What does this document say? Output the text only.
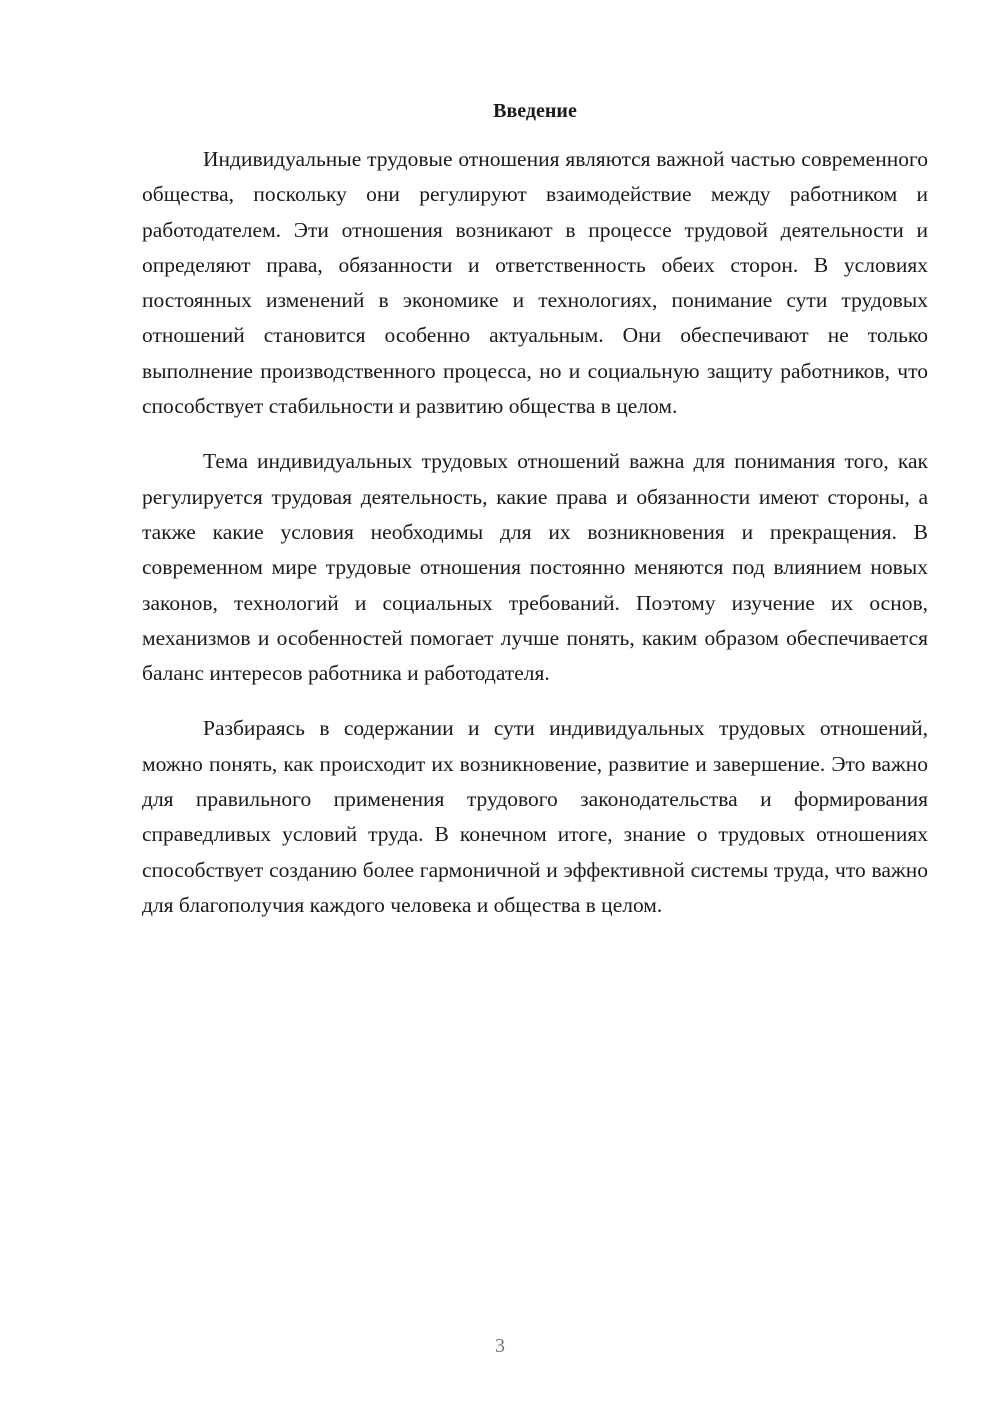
Введение

Индивидуальные трудовые отношения являются важной частью современного общества, поскольку они регулируют взаимодействие между работником и работодателем. Эти отношения возникают в процессе трудовой деятельности и определяют права, обязанности и ответственность обеих сторон. В условиях постоянных изменений в экономике и технологиях, понимание сути трудовых отношений становится особенно актуальным. Они обеспечивают не только выполнение производственного процесса, но и социальную защиту работников, что способствует стабильности и развитию общества в целом.

Тема индивидуальных трудовых отношений важна для понимания того, как регулируется трудовая деятельность, какие права и обязанности имеют стороны, а также какие условия необходимы для их возникновения и прекращения. В современном мире трудовые отношения постоянно меняются под влиянием новых законов, технологий и социальных требований. Поэтому изучение их основ, механизмов и особенностей помогает лучше понять, каким образом обеспечивается баланс интересов работника и работодателя.

Разбираясь в содержании и сути индивидуальных трудовых отношений, можно понять, как происходит их возникновение, развитие и завершение. Это важно для правильного применения трудового законодательства и формирования справедливых условий труда. В конечном итоге, знание о трудовых отношениях способствует созданию более гармоничной и эффективной системы труда, что важно для благополучия каждого человека и общества в целом.

3
